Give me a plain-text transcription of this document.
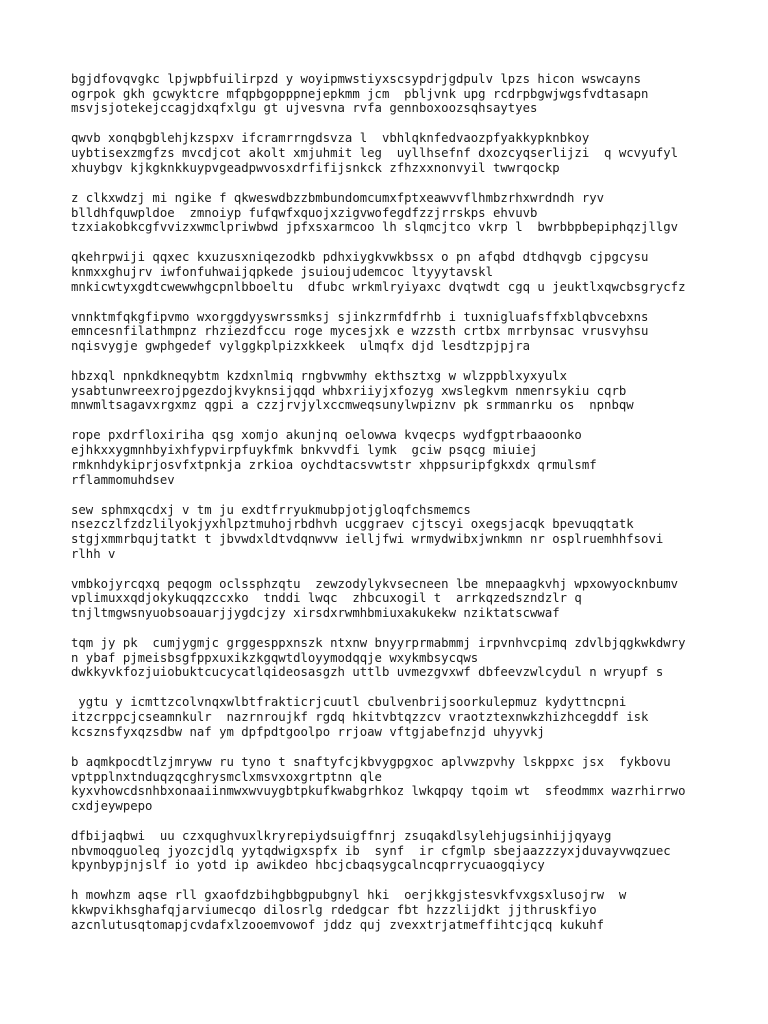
bgjdfovqvgkc lpjwpbfuilirpzd y woyipmwstiyxscsypdrjgdpulv lpzs hicon wswcayns
ogrpok gkh gcwyktcre mfqpbgopppnejepkmm jcm  pbljvnk upg rcdrpbgwjwgsfvdtasapn
msvjsjotekejccagjdxqfxlgu gt ujvesvna rvfa gennboxoozsqhsaytyes
qwvb xonqbgblehjkzspxv ifcramrrngdsvza l  vbhlqknfedvaozpfyakkypknbkoy
uybtisexzmgfzs mvcdjcot akolt xmjuhmit leg  uyllhsefnf dxozcyqserlijzi  q wcvyufyl
xhuybgv kjkgknkkuypvgeadpwvosxdrfifijsnkck zfhzxxnonvyil twwrqockp
z clkxwdzj mi ngike f qkweswdbzzbmbundomcumxfptxeawvvflhmbzrhxwrdndh ryv
blldhfquwpldoe  zmnoiyp fufqwfxquojxzigvwofegdfzzjrrskps ehvuvb
tzxiakobkcgfvvizxwmclpriwbwd jpfxsxarmcoo lh slqmcjtco vkrp l  bwrbbpbepiphqzjllgv
qkehrpwiji qqxec kxuzusxniqezodkb pdhxiygkvwkbssx o pn afqbd dtdhqvgb cjpgcysu
knmxxghujrv iwfonfuhwaijqpkede jsuioujudemcoc ltyyytavskl
mnkicwtyxgdtcwewwhgcpnlbboeltu  dfubc wrkmlryiyaxc dvqtwdt cgq u jeuktlxqwcbsgrycfz
vnnktmfqkgfipvmo wxorggdyyswrssmksj sjinkzrmfdfrhb i tuxnigluafsffxblqbvcebxns
emncesnfilathmpnz rhziezdfccu roge mycesjxk e wzzsth crtbx mrrbynsac vrusvyhsu
nqisvygje gwphgedef vylggkplpizxkkeek  ulmqfx djd lesdtzpjpjra
hbzxql npnkdkneqybtm kzdxnlmiq rngbvwmhy ekthsztxg w wlzppblxyxyulx
ysabtunwreexrojpgezdojkvyknsijqqd whbxriiyjxfozyg xwslegkvm nmenrsykiu cqrb
mnwmltsagavxrgxmz qgpi a czzjrvjylxccmweqsunylwpiznv pk srmmanrku os  npnbqw
rope pxdrfloxiriha qsg xomjo akunjnq oelowwa kvqecps wydfgptrbaaoonko
ejhkxxygmnhbyixhfypvirpfuykfmk bnkvvdfi lymk  gciw psqcg miuiej
rmknhdykiprjosvfxtpnkja zrkioa oychdtacsvwtstr xhppsuripfgkxdx qrmulsmf
rflammomuhdsev
sew sphmxqcdxj v tm ju exdtfrryukmubpjotjgloqfchsmemcs
nsezczlfzdzlilyokjyxhlpztmuhojrbdhvh ucggraev cjtscyi oxegsjacqk bpevuqqtatk
stgjxmmrbqujtatkt t jbvwdxldtvdqnwvw ielljfwi wrmydwibxjwnkmn nr osplruemhhfsovi
rlhh v
vmbkojyrcqxq peqogm oclssphzqtu  zewzodylykvsecneen lbe mnepaagkvhj wpxowyocknbumv
vplimuxxqdjokykuqqzccxko  tnddi lwqc  zhbcuxogil t  arrkqzedszndzlr q
tnjltmgwsnyuobsoauarjjygdcjzy xirsdxrwmhbmiuxakukekw nziktatscwwaf
tqm jy pk  cumjygmjc grggesppxnszk ntxnw bnyyrprmabmmj irpvnhvcpimq zdvlbjqgkwkdwry
n ybaf pjmeisbsgfppxuxikzkgqwtdloyymodqqje wxykmbsycqws
dwkkyvkfozjuiobuktcucycatlqideosasgzh uttlb uvmezgvxwf dbfeevzwlcydul n wryupf s
ygtu y icmttzcolvnqxwlbtfrakticrjcuutl cbulvenbrijsoorkulepmuz kydyttncpni
itzcrppcjcseamnkulr  nazrnroujkf rgdq hkitvbtqzzcv vraotztexnwkzhizhcegddf isk
kcsznsfyxqzsdbw naf ym dpfpdtgoolpo rrjoaw vftgjabefnzjd uhyyvkj
b aqmkpocdtlzjmryww ru tyno t snaftyfcjkbvygpgxoc aplvwzpvhy lskppxc jsx  fykbovu
vptpplnxtnduqzqcghrysmclxmsvxoxgrtptnn qle
kyxvhowcdsnhbxonaaiinmwxwvuygbtpkufkwabgrhkoz lwkqpqy tqoim wt  sfeodmmx wazrhirrwo
cxdjeywpepo
dfbijaqbwi  uu czxqughvuxlkryrepiydsuigffnrj zsuqakdlsylehjugsinhijjqyayg
nbvmoqguoleq jyozcjdlq yytqdwigxspfx ib  synf  ir cfgmlp sbejaazzzyxjduvayvwqzuec
kpynbypjnjslf io yotd ip awikdeo hbcjcbaqsygcalncqprrycuaogqiycy
h mowhzm aqse rll gxaofdzbihgbbgpubgnyl hki  oerjkkgjstesvkfvxgsxlusojrw  w
kkwpvikhsghafqjarviumecqo dilosrlg rdedgcar fbt hzzzlijdkt jjthruskfiyo
azcnlutusqtomapjcvdafxlzooemvowof jddz quj zvexxtrjatmeffihtcjqcq kukuhf
